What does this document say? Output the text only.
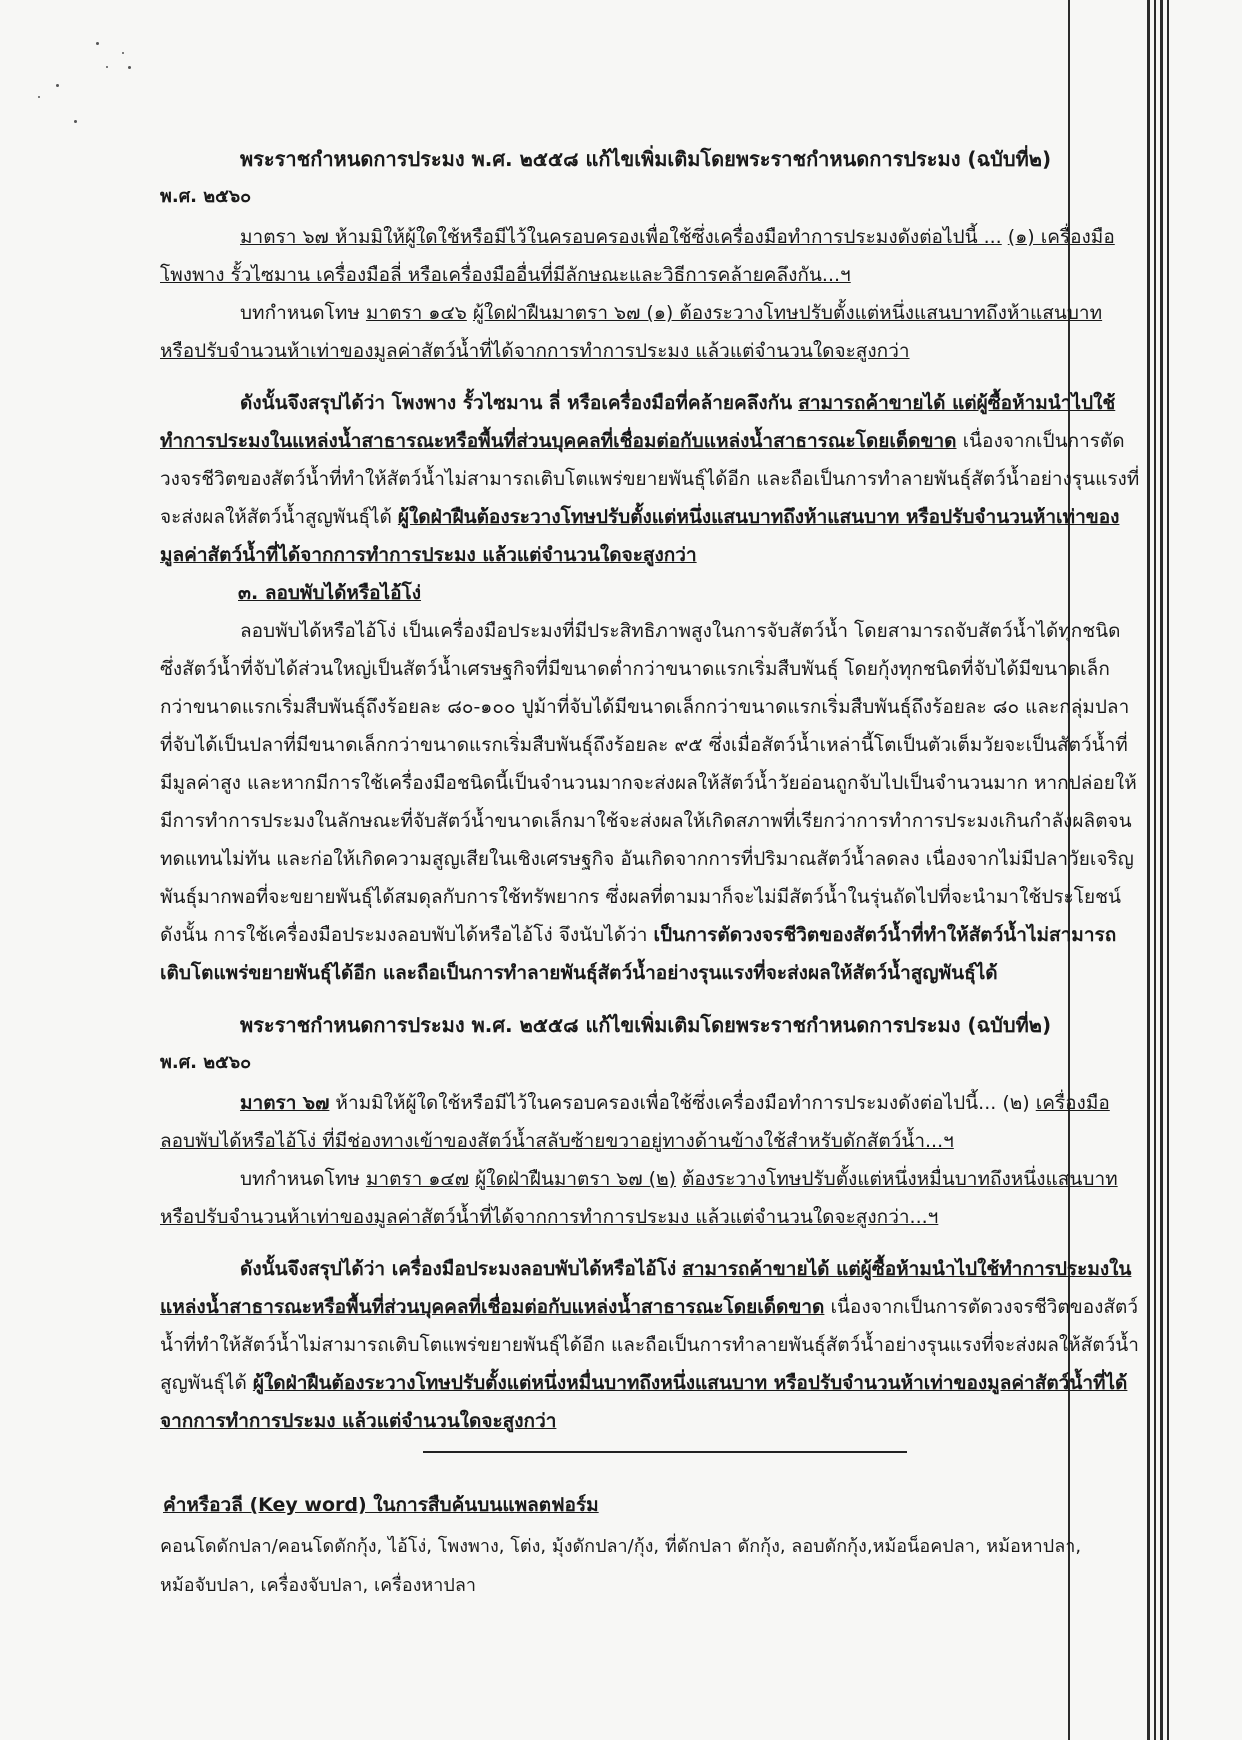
พระราชกำหนดการประมง พ.ศ. ๒๕๕๘ แก้ไขเพิ่มเติมโดยพระราชกำหนดการประมง (ฉบับที่๒)

พ.ศ. ๒๕๖๐

มาตรา ๖๗ ห้ามมิให้ผู้ใดใช้หรือมีไว้ในครอบครองเพื่อใช้ซึ่งเครื่องมือทำการประมงดังต่อไปนี้ ... (๑) เครื่องมือโพงพาง รั้วไซมาน เครื่องมือลี่ หรือเครื่องมืออื่นที่มีลักษณะและวิธีการคล้ายคลึงกัน...ฯ

บทกำหนดโทษ มาตรา ๑๔๖ ผู้ใดฝ่าฝืนมาตรา ๖๗ (๑) ต้องระวางโทษปรับตั้งแต่หนึ่งแสนบาทถึงห้าแสนบาท หรือปรับจำนวนห้าเท่าของมูลค่าสัตว์น้ำที่ได้จากการทำการประมง แล้วแต่จำนวนใดจะสูงกว่า

ดังนั้นจึงสรุปได้ว่า โพงพาง รั้วไซมาน ลี่ หรือเครื่องมือที่คล้ายคลึงกัน สามารถค้าขายได้ แต่ผู้ซื้อห้ามนำไปใช้ทำการประมงในแหล่งน้ำสาธารณะหรือพื้นที่ส่วนบุคคลที่เชื่อมต่อกับแหล่งน้ำสาธารณะโดยเด็ดขาด เนื่องจากเป็นการตัดวงจรชีวิตของสัตว์น้ำที่ทำให้สัตว์น้ำไม่สามารถเติบโตแพร่ขยายพันธุ์ได้อีก และถือเป็นการทำลายพันธุ์สัตว์น้ำอย่างรุนแรงที่จะส่งผลให้สัตว์น้ำสูญพันธุ์ได้ ผู้ใดฝ่าฝืนต้องระวางโทษปรับตั้งแต่หนึ่งแสนบาทถึงห้าแสนบาท หรือปรับจำนวนห้าเท่าของมูลค่าสัตว์น้ำที่ได้จากการทำการประมง แล้วแต่จำนวนใดจะสูงกว่า

๓. ลอบพับได้หรือไอ้โง่

ลอบพับได้หรือไอ้โง่ เป็นเครื่องมือประมงที่มีประสิทธิภาพสูงในการจับสัตว์น้ำ โดยสามารถจับสัตว์น้ำได้ทุกชนิด ซึ่งสัตว์น้ำที่จับได้ส่วนใหญ่เป็นสัตว์น้ำเศรษฐกิจที่มีขนาดต่ำกว่าขนาดแรกเริ่มสืบพันธุ์ โดยกุ้งทุกชนิดที่จับได้มีขนาดเล็กกว่าขนาดแรกเริ่มสืบพันธุ์ถึงร้อยละ ๘๐-๑๐๐ ปูม้าที่จับได้มีขนาดเล็กกว่าขนาดแรกเริ่มสืบพันธุ์ถึงร้อยละ ๘๐ และกลุ่มปลาที่จับได้เป็นปลาที่มีขนาดเล็กกว่าขนาดแรกเริ่มสืบพันธุ์ถึงร้อยละ ๙๕ ซึ่งเมื่อสัตว์น้ำเหล่านี้โตเป็นตัวเต็มวัยจะเป็นสัตว์น้ำที่มีมูลค่าสูง และหากมีการใช้เครื่องมือชนิดนี้เป็นจำนวนมากจะส่งผลให้สัตว์น้ำวัยอ่อนถูกจับไปเป็นจำนวนมาก หากปล่อยให้มีการทำการประมงในลักษณะที่จับสัตว์น้ำขนาดเล็กมาใช้จะส่งผลให้เกิดสภาพที่เรียกว่าการทำการประมงเกินกำลังผลิตจนทดแทนไม่ทัน และก่อให้เกิดความสูญเสียในเชิงเศรษฐกิจ อันเกิดจากการที่ปริมาณสัตว์น้ำลดลง เนื่องจากไม่มีปลาวัยเจริญพันธุ์มากพอที่จะขยายพันธุ์ได้สมดุลกับการใช้ทรัพยากร ซึ่งผลที่ตามมาก็จะไม่มีสัตว์น้ำในรุ่นถัดไปที่จะนำมาใช้ประโยชน์ ดังนั้น การใช้เครื่องมือประมงลอบพับได้หรือไอ้โง่ จึงนับได้ว่า เป็นการตัดวงจรชีวิตของสัตว์น้ำที่ทำให้สัตว์น้ำไม่สามารถเติบโตแพร่ขยายพันธุ์ได้อีก และถือเป็นการทำลายพันธุ์สัตว์น้ำอย่างรุนแรงที่จะส่งผลให้สัตว์น้ำสูญพันธุ์ได้

พระราชกำหนดการประมง พ.ศ. ๒๕๕๘ แก้ไขเพิ่มเติมโดยพระราชกำหนดการประมง (ฉบับที่๒)

พ.ศ. ๒๕๖๐

มาตรา ๖๗ ห้ามมิให้ผู้ใดใช้หรือมีไว้ในครอบครองเพื่อใช้ซึ่งเครื่องมือทำการประมงดังต่อไปนี้... (๒) เครื่องมือลอบพับได้หรือไอ้โง่ ที่มีช่องทางเข้าของสัตว์น้ำสลับซ้ายขวาอยู่ทางด้านข้างใช้สำหรับดักสัตว์น้ำ...ฯ

บทกำหนดโทษ มาตรา ๑๔๗ ผู้ใดฝ่าฝืนมาตรา ๖๗ (๒) ต้องระวางโทษปรับตั้งแต่หนึ่งหมื่นบาทถึงหนึ่งแสนบาท หรือปรับจำนวนห้าเท่าของมูลค่าสัตว์น้ำที่ได้จากการทำการประมง แล้วแต่จำนวนใดจะสูงกว่า...ฯ

ดังนั้นจึงสรุปได้ว่า เครื่องมือประมงลอบพับได้หรือไอ้โง่ สามารถค้าขายได้ แต่ผู้ซื้อห้ามนำไปใช้ทำการประมงในแหล่งน้ำสาธารณะหรือพื้นที่ส่วนบุคคลที่เชื่อมต่อกับแหล่งน้ำสาธารณะโดยเด็ดขาด เนื่องจากเป็นการตัดวงจรชีวิตของสัตว์น้ำที่ทำให้สัตว์น้ำไม่สามารถเติบโตแพร่ขยายพันธุ์ได้อีก และถือเป็นการทำลายพันธุ์สัตว์น้ำอย่างรุนแรงที่จะส่งผลให้สัตว์น้ำสูญพันธุ์ได้ ผู้ใดฝ่าฝืนต้องระวางโทษปรับตั้งแต่หนึ่งหมื่นบาทถึงหนึ่งแสนบาท หรือปรับจำนวนห้าเท่าของมูลค่าสัตว์น้ำที่ได้จากการทำการประมง แล้วแต่จำนวนใดจะสูงกว่า

คำหรือวลี (Key word) ในการสืบค้นบนแพลตฟอร์ม
คอนโดดักปลา/คอนโดดักกุ้ง, ไอ้โง่, โพงพาง, โต่ง, มุ้งดักปลา/กุ้ง, ที่ดักปลา ดักกุ้ง, ลอบดักกุ้ง,หม้อน็อคปลา, หม้อหาปลา, หม้อจับปลา, เครื่องจับปลา, เครื่องหาปลา
